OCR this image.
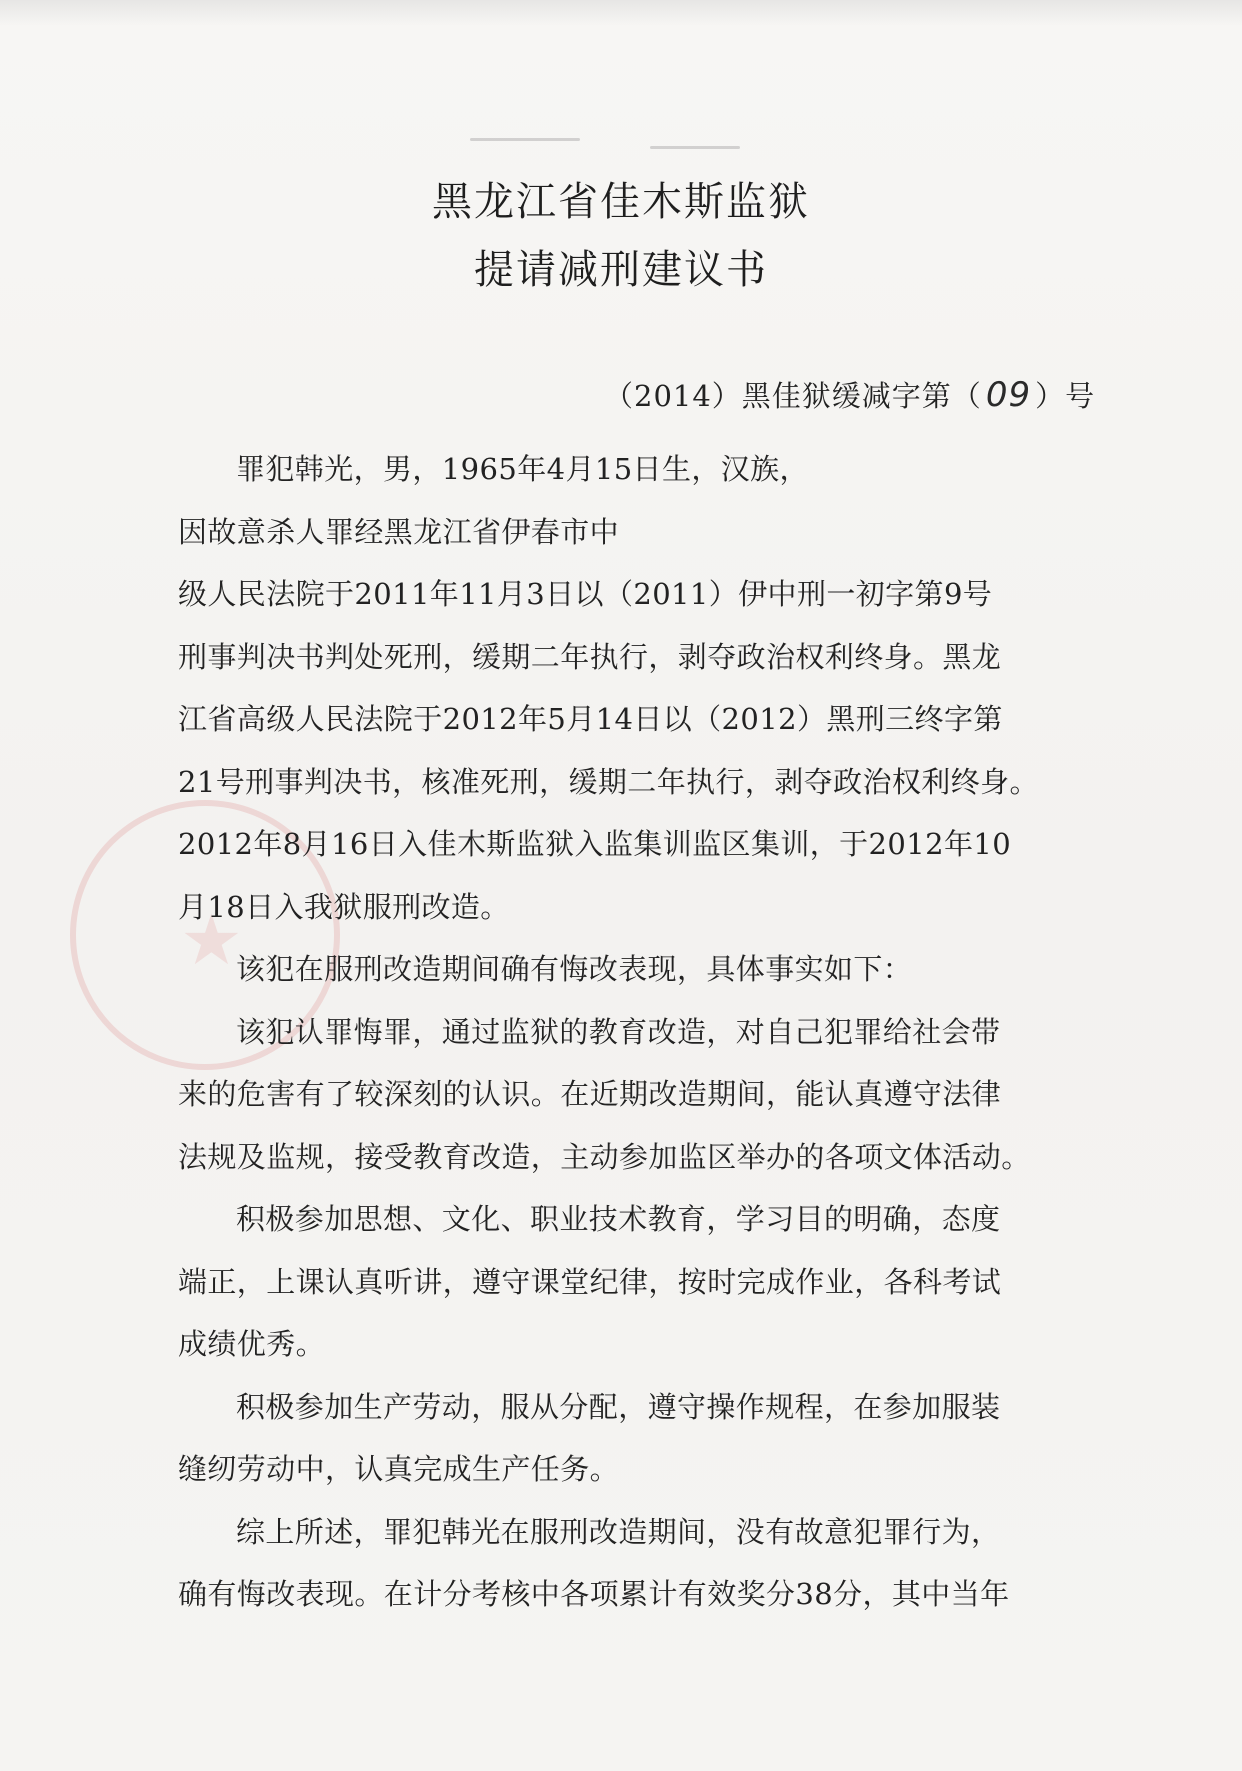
★
黑龙江省佳木斯监狱
提请减刑建议书
（2014）黑佳狱缓减字第（ 09 ）号

罪犯韩光，男，1965年4月15日生，汉族，
因故意杀人罪经黑龙江省伊春市中
级人民法院于2011年11月3日以（2011）伊中刑一初字第9号
刑事判决书判处死刑，缓期二年执行，剥夺政治权利终身。黑龙
江省高级人民法院于2012年5月14日以（2012）黑刑三终字第
21号刑事判决书，核准死刑，缓期二年执行，剥夺政治权利终身。
2012年8月16日入佳木斯监狱入监集训监区集训，于2012年10
月18日入我狱服刑改造。

该犯在服刑改造期间确有悔改表现，具体事实如下：

该犯认罪悔罪，通过监狱的教育改造，对自己犯罪给社会带
来的危害有了较深刻的认识。在近期改造期间，能认真遵守法律
法规及监规，接受教育改造，主动参加监区举办的各项文体活动。

积极参加思想、文化、职业技术教育，学习目的明确，态度
端正，上课认真听讲，遵守课堂纪律，按时完成作业，各科考试
成绩优秀。

积极参加生产劳动，服从分配，遵守操作规程，在参加服装
缝纫劳动中，认真完成生产任务。

综上所述，罪犯韩光在服刑改造期间，没有故意犯罪行为，
确有悔改表现。在计分考核中各项累计有效奖分38分，其中当年
